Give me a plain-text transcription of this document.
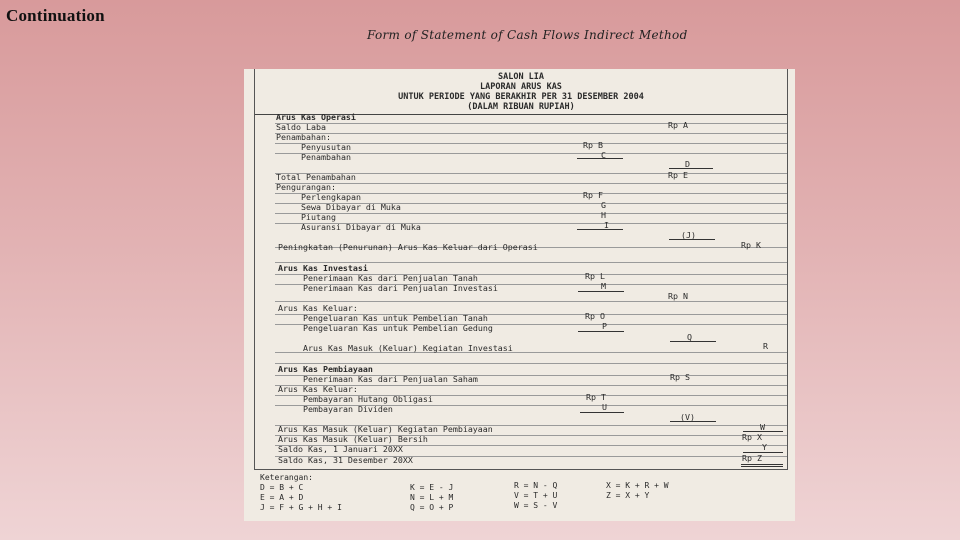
Continuation
Form of Statement of Cash Flows Indirect Method
SALON LIA
LAPORAN ARUS KAS
UNTUK PERIODE YANG BERAKHIR PER 31 DESEMBER 2004
(DALAM RIBUAN RUPIAH)
Arus Kas Operasi
Saldo Laba	Rp A
Penambahan:
Penyusutan	Rp B
Penambahan	C
D
Total Penambahan	Rp E
Pengurangan:
Perlengkapan	Rp F
Sewa Dibayar di Muka	G
Piutang	H
Asuransi Dibayar di Muka	I
(J)
Peningkatan (Penurunan) Arus Kas Keluar dari Operasi	Rp K
Arus Kas Investasi
Penerimaan Kas dari Penjualan Tanah	Rp L
Penerimaan Kas dari Penjualan Investasi	M
Rp N
Arus Kas Keluar:
Pengeluaran Kas untuk Pembelian Tanah	Rp O
Pengeluaran Kas untuk Pembelian Gedung	P
Q
Arus Kas Masuk (Keluar) Kegiatan Investasi	R
Arus Kas Pembiayaan
Penerimaan Kas dari Penjualan Saham	Rp S
Arus Kas Keluar:
Pembayaran Hutang Obligasi	Rp T
Pembayaran Dividen	U
(V)
Arus Kas Masuk (Keluar) Kegiatan Pembiayaan	W
Arus Kas Masuk (Keluar) Bersih	Rp X
Saldo Kas, 1 Januari 20XX	Y
Saldo Kas, 31 Desember 20XX	Rp Z
Keterangan:
D = B + C
E = A + D
J = F + G + H + I
K = E - J
N = L + M
Q = O + P
R = N - Q
V = T + U
W = S - V
X = K + R + W
Z = X + Y
